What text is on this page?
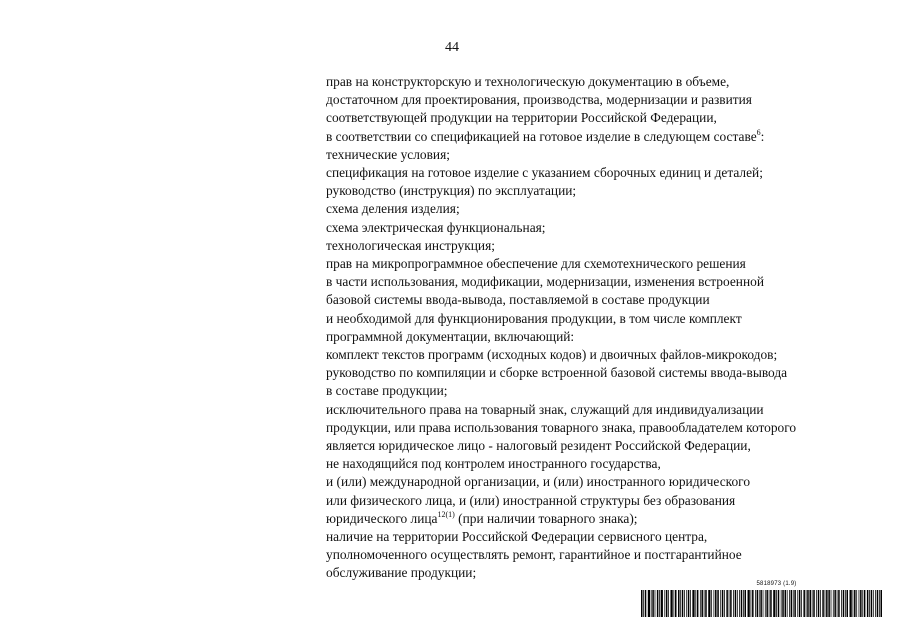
44
прав на конструкторскую и технологическую документацию в объеме,
достаточном для проектирования, производства, модернизации и развития
соответствующей продукции на территории Российской Федерации,
в соответствии со спецификацией на готовое изделие в следующем составе$^6$:
технические условия;
спецификация на готовое изделие с указанием сборочных единиц и деталей;
руководство (инструкция) по эксплуатации;
схема деления изделия;
схема электрическая функциональная;
технологическая инструкция;
прав на микропрограммное обеспечение для схемотехнического решения
в части использования, модификации, модернизации, изменения встроенной
базовой системы ввода-вывода, поставляемой в составе продукции
и необходимой для функционирования продукции, в том числе комплект
программной документации, включающий:
комплект текстов программ (исходных кодов) и двоичных файлов-микрокодов;
руководство по компиляции и сборке встроенной базовой системы ввода-вывода
в составе продукции;
исключительного права на товарный знак, служащий для индивидуализации
продукции, или права использования товарного знака, правообладателем которого
является юридическое лицо - налоговый резидент Российской Федерации,
не находящийся под контролем иностранного государства,
и (или) международной организации, и (или) иностранного юридического
или физического лица, и (или) иностранной структуры без образования
юридического лица$^{12(1)}$ (при наличии товарного знака);
наличие на территории Российской Федерации сервисного центра,
уполномоченного осуществлять ремонт, гарантийное и постгарантийное
обслуживание продукции;
5818973 (1.9)
